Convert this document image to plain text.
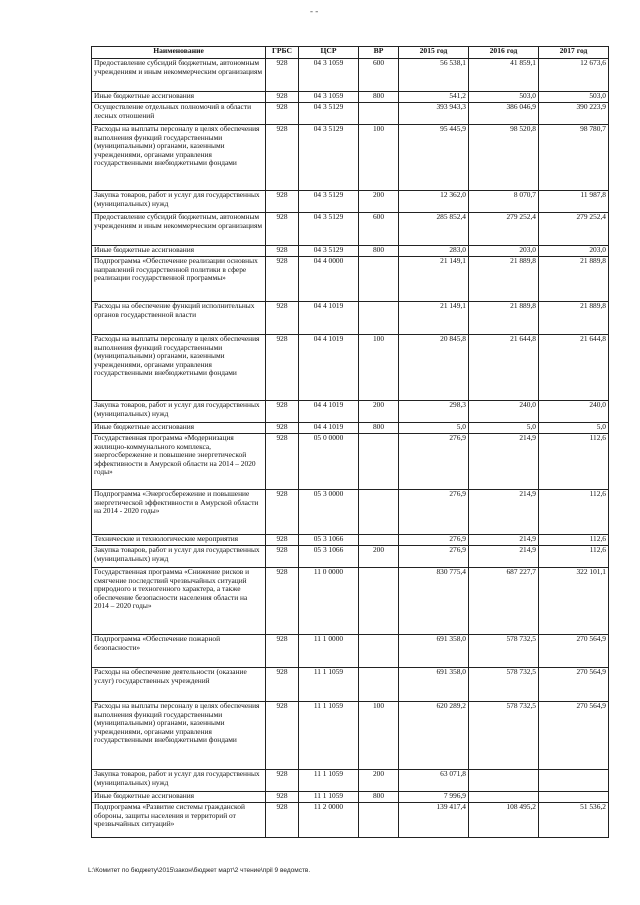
- -
Наименование	ГРБС	ЦСР	ВР	2015 год	2016 год	2017 год
Предоставление субсидий бюджетным, автономным учреждениям и иным некоммерческим организациям	928	04 3 1059	600	56 538,1	41 859,1	12 673,6
Иные бюджетные ассигнования	928	04 3 1059	800	541,2	503,0	503,0
Осуществление отдельных полномочий в области лесных отношений	928	04 3 5129		393 943,3	386 046,9	390 223,9
Расходы на выплаты персоналу в целях обеспечения выполнения функций государственными (муниципальными) органами, казенными учреждениями, органами управления государственными внебюджетными фондами	928	04 3 5129	100	95 445,9	98 520,8	98 780,7
Закупка товаров, работ и услуг для государственных (муниципальных) нужд	928	04 3 5129	200	12 362,0	8 070,7	11 987,8
Предоставление субсидий бюджетным, автономным учреждениям и иным некоммерческим организациям	928	04 3 5129	600	285 852,4	279 252,4	279 252,4
Иные бюджетные ассигнования	928	04 3 5129	800	283,0	203,0	203,0
Подпрограмма «Обеспечение реализации основных направлений государственной политики в сфере реализации государственной программы»	928	04 4 0000		21 149,1	21 889,8	21 889,8
Расходы на обеспечение функций исполнительных органов государственной власти	928	04 4 1019		21 149,1	21 889,8	21 889,8
Расходы на выплаты персоналу в целях обеспечения выполнения функций государственными (муниципальными) органами, казенными учреждениями, органами управления государственными внебюджетными фондами	928	04 4 1019	100	20 845,8	21 644,8	21 644,8
Закупка товаров, работ и услуг для государственных (муниципальных) нужд	928	04 4 1019	200	298,3	240,0	240,0
Иные бюджетные ассигнования	928	04 4 1019	800	5,0	5,0	5,0
Государственная программа «Модернизация жилищно-коммунального комплекса, энергосбережение и повышение энергетической эффективности в Амурской области на 2014 – 2020 годы»	928	05 0 0000		276,9	214,9	112,6
Подпрограмма «Энергосбережение и повышение энергетической эффективности в Амурской области на 2014 - 2020 годы»	928	05 3 0000		276,9	214,9	112,6
Технические и технологические мероприятия	928	05 3 1066		276,9	214,9	112,6
Закупка товаров, работ и услуг для государственных (муниципальных) нужд	928	05 3 1066	200	276,9	214,9	112,6
Государственная программа «Снижение рисков и смягчение последствий чрезвычайных ситуаций природного и техногенного характера, а также обеспечение безопасности населения области на 2014 – 2020 годы»	928	11 0 0000		830 775,4	687 227,7	322 101,1
Подпрограмма «Обеспечение пожарной безопасности»	928	11 1 0000		691 358,0	578 732,5	270 564,9
Расходы на обеспечение деятельности (оказание услуг) государственных учреждений	928	11 1 1059		691 358,0	578 732,5	270 564,9
Расходы на выплаты персоналу в целях обеспечения выполнения функций государственными (муниципальными) органами, казенными учреждениями, органами управления государственными внебюджетными фондами	928	11 1 1059	100	620 289,2	578 732,5	270 564,9
Закупка товаров, работ и услуг для государственных (муниципальных) нужд	928	11 1 1059	200	63 071,8		
Иные бюджетные ассигнования	928	11 1 1059	800	7 996,9		
Подпрограмма «Развитие системы гражданской обороны, защиты населения и территорий от чрезвычайных ситуаций»	928	11 2 0000		139 417,4	108 495,2	51 536,2
L:\Комитет по бюджету\2015\закон\бюджет март\2 чтение\прil 9 ведомств.
